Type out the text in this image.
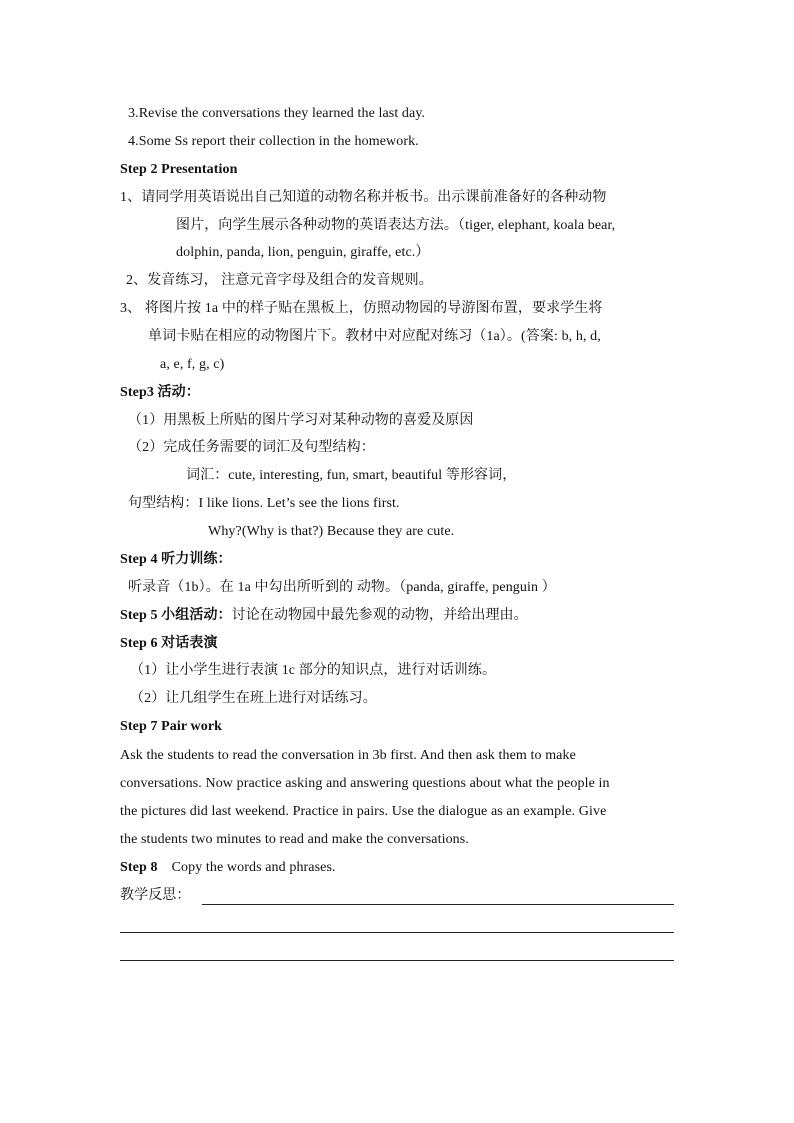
3.Revise the conversations they learned the last day.
4.Some Ss report their collection in the homework.
Step 2 Presentation
1、请同学用英语说出自己知道的动物名称并板书。出示课前准备好的各种动物
图片，向学生展示各种动物的英语表达方法。（tiger, elephant, koala bear,
dolphin, panda, lion, penguin, giraffe, etc.）
2、发音练习， 注意元音字母及组合的发音规则。
3、 将图片按 1a 中的样子贴在黑板上，仿照动物园的导游图布置，要求学生将
单词卡贴在相应的动物图片下。教材中对应配对练习（1a）。(答案: b, h, d,
a, e, f, g, c)
Step3 活动：
（1）用黑板上所贴的图片学习对某种动物的喜爱及原因
（2）完成任务需要的词汇及句型结构：
词汇：cute, interesting, fun, smart, beautiful 等形容词，
句型结构：I like lions. Let’s see the lions first.
Why?(Why is that?) Because they are cute.
Step 4 听力训练：
听录音（1b）。在 1a 中勾出所听到的 动物。（panda, giraffe, penguin ）
Step 5 小组活动：讨论在动物园中最先参观的动物，并给出理由。
Step 6 对话表演
（1）让小学生进行表演 1c 部分的知识点，进行对话训练。
（2）让几组学生在班上进行对话练习。
Step 7 Pair work
Ask the students to read the conversation in 3b first. And then ask them to make
conversations. Now practice asking and answering questions about what the people in
the pictures did last weekend. Practice in pairs. Use the dialogue as an example. Give
the students two minutes to read and make the conversations.
Step 8 Copy the words and phrases.
教学反思：
